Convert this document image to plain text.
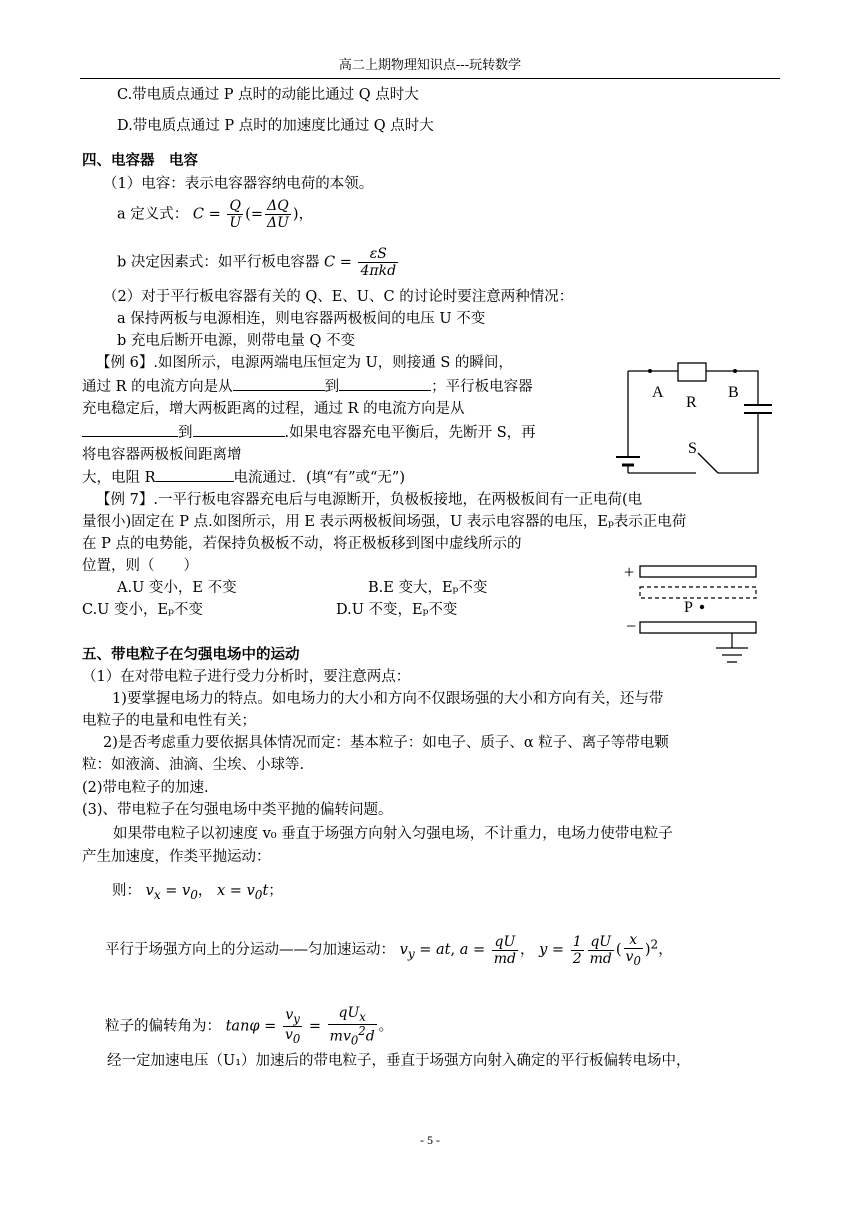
高二上期物理知识点---玩转数学
C.带电质点通过 P 点时的动能比通过 Q 点时大
D.带电质点通过 P 点时的加速度比通过 Q 点时大
四、电容器　电容
（1）电容：表示电容器容纳电荷的本领。
a 定义式： $C = \frac{Q}{U}$ (= $\frac{\Delta Q}{\Delta U}$ )，
b 决定因素式：如平行板电容器 $C = \frac{\varepsilon S}{\text{4πkd}}$
（2）对于平行板电容器有关的 Q、E、U、C 的讨论时要注意两种情况：
a 保持两板与电源相连，则电容器两极板间的电压 U 不变
b 充电后断开电源，则带电量 Q 不变
【例 6】.如图所示，电源两端电压恒定为 U，则接通 S 的瞬间，
通过 R 的电流方向是从	到	；平行板电容器
充电稳定后，增大两板距离的过程，通过 R 的电流方向是从
到	.如果电容器充电平衡后，先断开 S，再
将电容器两极板间距离增
大，电阻 R	电流通过．(填“有”或“无”)
A
R
B
S
【例 7】.一平行板电容器充电后与电源断开，负极板接地，在两极板间有一正电荷(电
量很小)固定在 P 点.如图所示，用 E 表示两极板间场强，U 表示电容器的电压，Eₚ表示正电荷
在 P 点的电势能，若保持负极板不动，将正极板移到图中虚线所示的
位置，则（　　）
A.U 变小，E 不变	B.E 变大，Eₚ不变
C.U 变小，Eₚ不变	D.U 不变，Eₚ不变
+
P
−
五、带电粒子在匀强电场中的运动
（1）在对带电粒子进行受力分析时，要注意两点：
1)要掌握电场力的特点。如电场力的大小和方向不仅跟场强的大小和方向有关，还与带
电粒子的电量和电性有关；
2)是否考虑重力要依据具体情况而定：基本粒子：如电子、质子、α 粒子、离子等带电颗
粒：如液滴、油滴、尘埃、小球等.
(2)带电粒子的加速.
(3)、带电粒子在匀强电场中类平抛的偏转问题。
如果带电粒子以初速度 v₀ 垂直于场强方向射入匀强电场，不计重力，电场力使带电粒子
产生加速度，作类平抛运动：
则： $v_x = v_0$， $x = v_0t$；
平行于场强方向上的分运动——匀加速运动： $v_y$ = at, $a = \frac{qU}{md}$ ， $y = \frac{1}{2} \frac{qU}{md}$ ( $\frac{x}{v_0} )^2$，
粒子的偏转角为： $\tan\varphi = \frac{v_y}{v_0} = \frac{qU_x}{mv_0^2d}$ 。
经一定加速电压（U₁）加速后的带电粒子，垂直于场强方向射入确定的平行板偏转电场中，
- 5 -
